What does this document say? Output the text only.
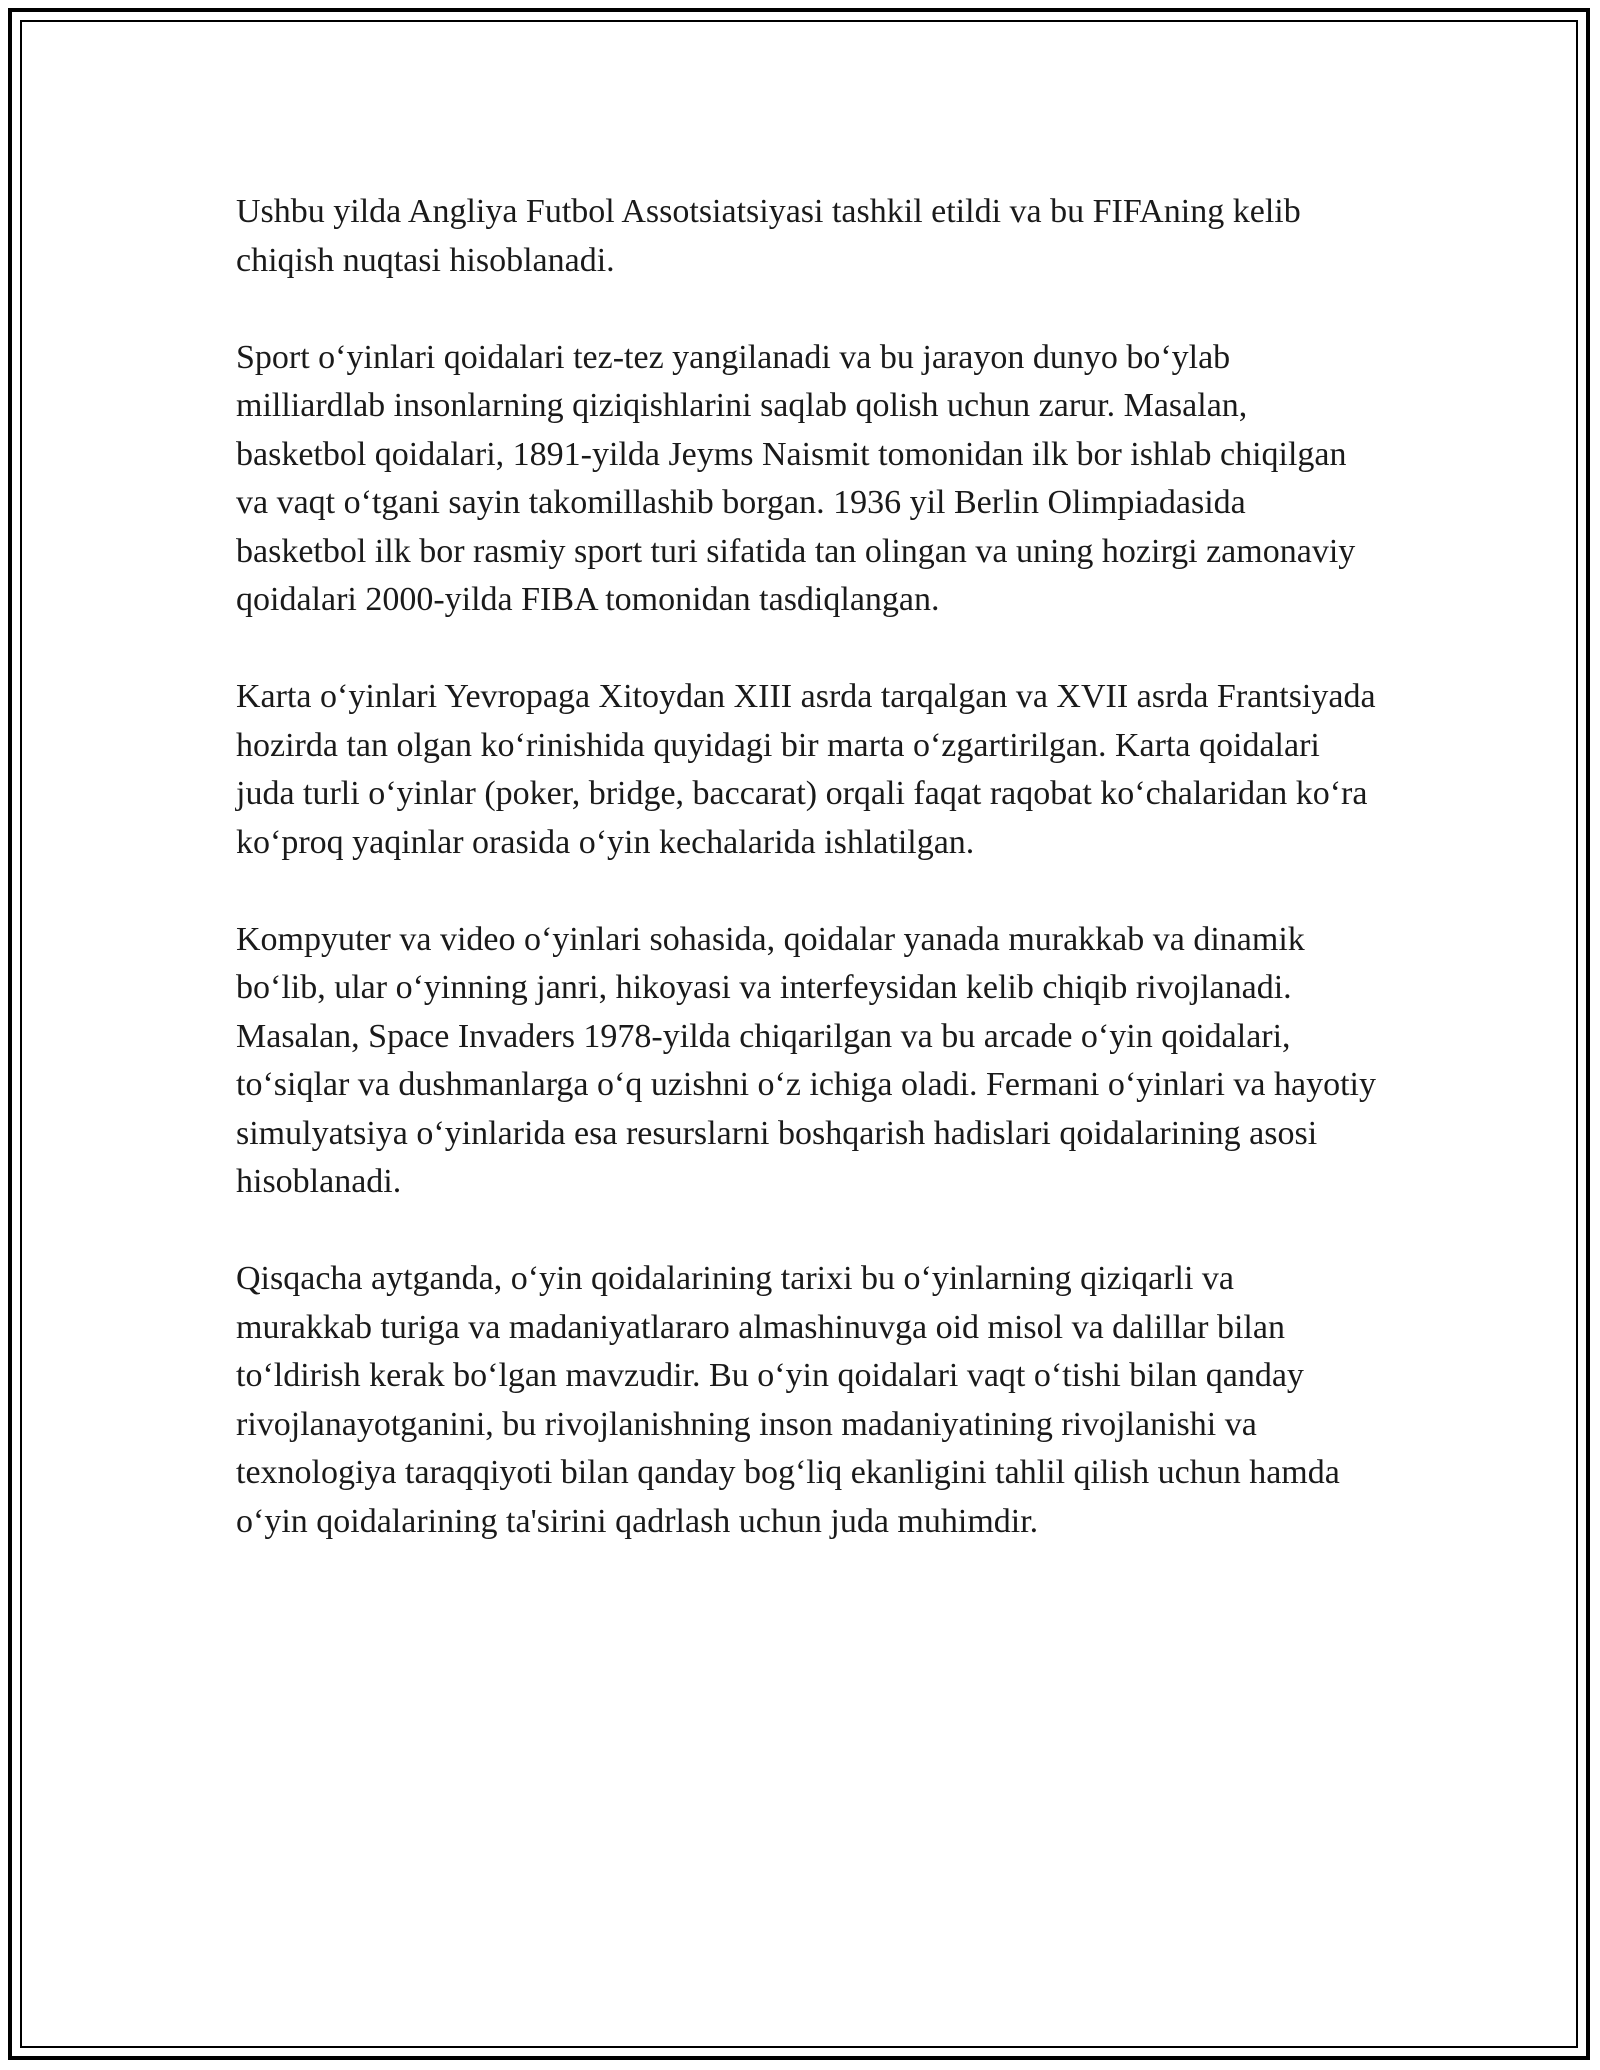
Ushbu yilda Angliya Futbol Assotsiatsiyasi tashkil etildi va bu FIFAning kelib chiqish nuqtasi hisoblanadi.

Sport o‘yinlari qoidalari tez-tez yangilanadi va bu jarayon dunyo bo‘ylab milliardlab insonlarning qiziqishlarini saqlab qolish uchun zarur. Masalan, basketbol qoidalari, 1891-yilda Jeyms Naismit tomonidan ilk bor ishlab chiqilgan va vaqt o‘tgani sayin takomillashib borgan. 1936 yil Berlin Olimpiadasida basketbol ilk bor rasmiy sport turi sifatida tan olingan va uning hozirgi zamonaviy qoidalari 2000-yilda FIBA tomonidan tasdiqlangan.

Karta o‘yinlari Yevropaga Xitoydan XIII asrda tarqalgan va XVII asrda Frantsiyada hozirda tan olgan ko‘rinishida quyidagi bir marta o‘zgartirilgan. Karta qoidalari juda turli o‘yinlar (poker, bridge, baccarat) orqali faqat raqobat ko‘chalaridan ko‘ra ko‘proq yaqinlar orasida o‘yin kechalarida ishlatilgan.

Kompyuter va video o‘yinlari sohasida, qoidalar yanada murakkab va dinamik bo‘lib, ular o‘yinning janri, hikoyasi va interfeysidan kelib chiqib rivojlanadi. Masalan, Space Invaders 1978-yilda chiqarilgan va bu arcade o‘yin qoidalari, to‘siqlar va dushmanlarga o‘q uzishni o‘z ichiga oladi. Fermani o‘yinlari va hayotiy simulyatsiya o‘yinlarida esa resurslarni boshqarish hadislari qoidalarining asosi hisoblanadi.

Qisqacha aytganda, o‘yin qoidalarining tarixi bu o‘yinlarning qiziqarli va murakkab turiga va madaniyatlararo almashinuvga oid misol va dalillar bilan to‘ldirish kerak bo‘lgan mavzudir. Bu o‘yin qoidalari vaqt o‘tishi bilan qanday rivojlanayotganini, bu rivojlanishning inson madaniyatining rivojlanishi va texnologiya taraqqiyoti bilan qanday bog‘liq ekanligini tahlil qilish uchun hamda o‘yin qoidalarining ta'sirini qadrlash uchun juda muhimdir.
